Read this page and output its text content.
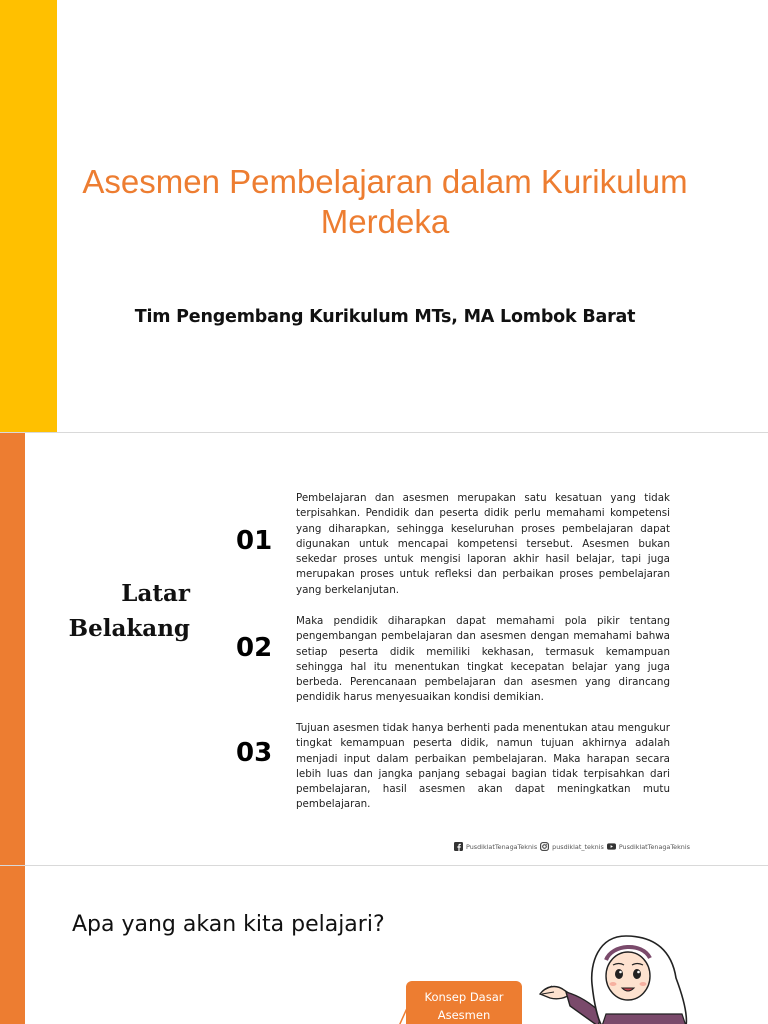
Asesmen Pembelajaran dalam Kurikulum Merdeka
Tim Pengembang Kurikulum MTs, MA Lombok Barat
Latar
Belakang
01
Pembelajaran dan asesmen merupakan satu kesatuan yang tidak terpisahkan. Pendidik dan peserta didik perlu memahami kompetensi yang diharapkan, sehingga keseluruhan proses pembelajaran dapat digunakan untuk mencapai kompetensi tersebut. Asesmen bukan sekedar proses untuk mengisi laporan akhir hasil belajar, tapi juga merupakan proses untuk refleksi dan perbaikan proses pembelajaran yang berkelanjutan.
02
Maka pendidik diharapkan dapat memahami pola pikir tentang pengembangan pembelajaran dan asesmen dengan memahami bahwa setiap peserta didik memiliki kekhasan, termasuk kemampuan sehingga hal itu menentukan tingkat kecepatan belajar yang juga berbeda. Perencanaan pembelajaran dan asesmen yang dirancang pendidik harus menyesuaikan kondisi demikian.
03
Tujuan asesmen tidak hanya berhenti pada menentukan atau mengukur tingkat kemampuan peserta didik, namun tujuan akhirnya adalah menjadi input dalam perbaikan pembelajaran. Maka harapan secara lebih luas dan jangka panjang sebagai bagian tidak terpisahkan dari pembelajaran, hasil asesmen akan dapat meningkatkan mutu pembelajaran.
PusdiklatTenagaTeknis pusdiklat_teknis PusdiklatTenagaTeknis
Apa yang akan kita pelajari?
Konsep Dasar Asesmen
